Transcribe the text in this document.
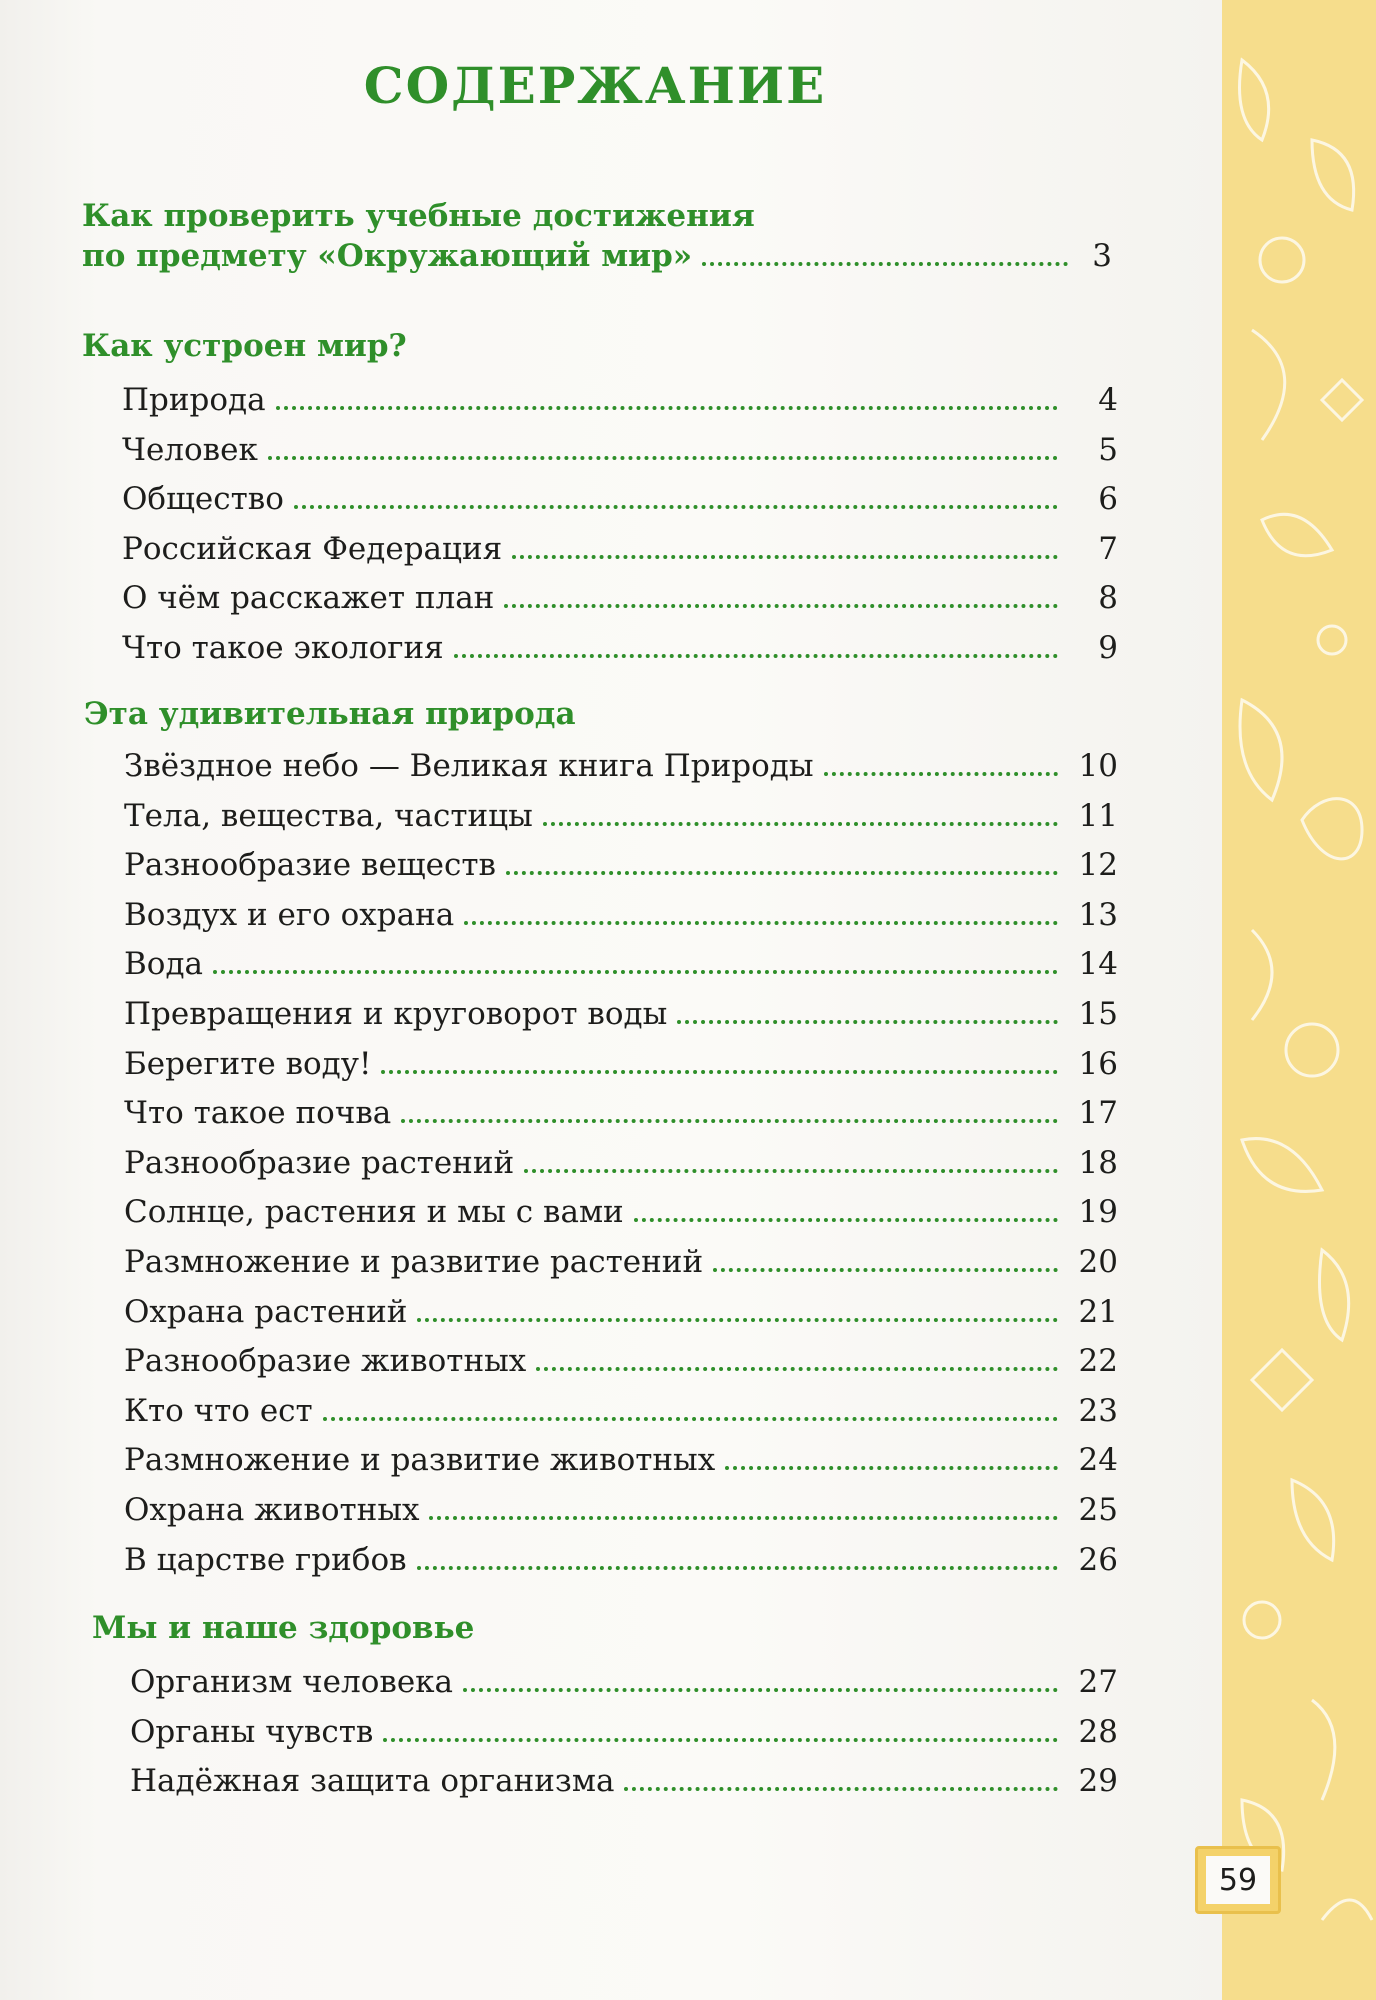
СОДЕРЖАНИЕ
Как проверить учебные достижения
по предмету «Окружающий мир»	3
Как устроен мир?
Природа	4
Человек	5
Общество	6
Российская Федерация	7
О чём расскажет план	8
Что такое экология	9
Эта удивительная природа
Звёздное небо — Великая книга Природы	10
Тела, вещества, частицы	11
Разнообразие веществ	12
Воздух и его охрана	13
Вода	14
Превращения и круговорот воды	15
Берегите воду!	16
Что такое почва	17
Разнообразие растений	18
Солнце, растения и мы с вами	19
Размножение и развитие растений	20
Охрана растений	21
Разнообразие животных	22
Кто что ест	23
Размножение и развитие животных	24
Охрана животных	25
В царстве грибов	26
Мы и наше здоровье
Организм человека	27
Органы чувств	28
Надёжная защита организма	29
59
